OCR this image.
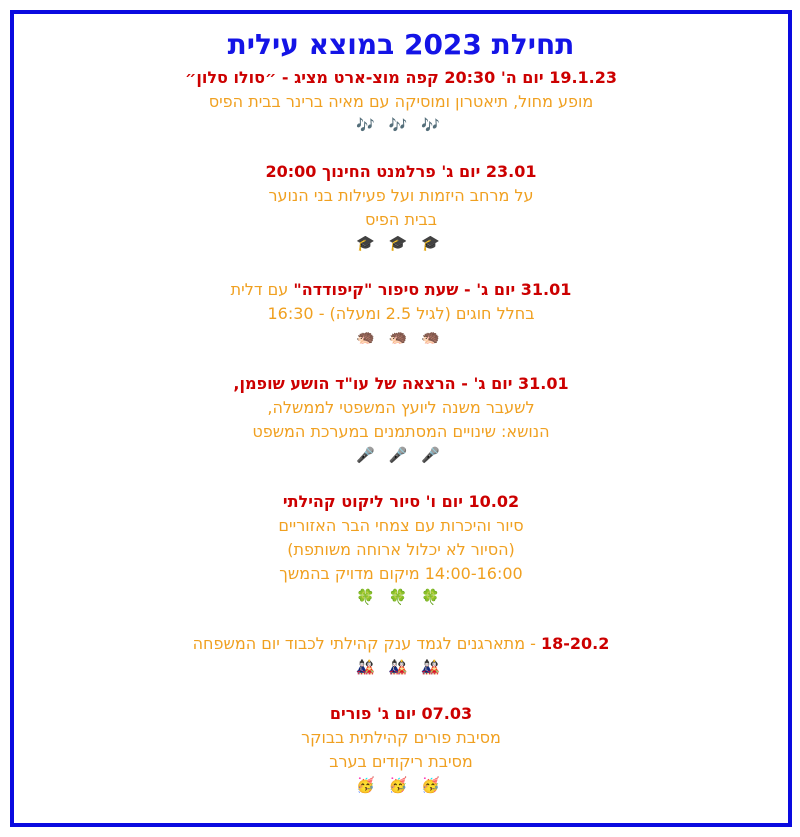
תחילת 2023 במוצא עילית
19.1.23 יום ה' 20:30 קפה מוצ-ארט מציג - ״סולו סלון״
מופע מחול, תיאטרון ומוסיקה עם מאיה ברינר בבית הפיס
🎶🎶🎶
23.01 יום ג' פרלמנט החינוך 20:00
על מרחב היזמות ועל פעילות בני הנוער
בבית הפיס
🎓🎓🎓
31.01 יום ג' - שעת סיפור "קיפודדה" עם דלית
בחלל חוגים (לגיל 2.5 ומעלה) - 16:30
🦔🦔🦔
31.01 יום ג' - הרצאה של עו"ד הושע שופמן,
לשעבר משנה ליועץ המשפטי לממשלה,
הנושא: שינויים המסתמנים במערכת המשפט
🎤🎤🎤
10.02 יום ו' סיור ליקוט קהילתי
סיור והיכרות עם צמחי הבר האזוריים
(הסיור לא יכלול ארוחה משותפת)
14:00-16:00 מיקום מדויק בהמשך
🍀🍀🍀
18-20.2 - מתארגנים לגמד ענק קהילתי לכבוד יום המשפחה
🎎🎎🎎
07.03 יום ג' פורים
מסיבת פורים קהילתית בבוקר
מסיבת ריקודים בערב
🥳🥳🥳
